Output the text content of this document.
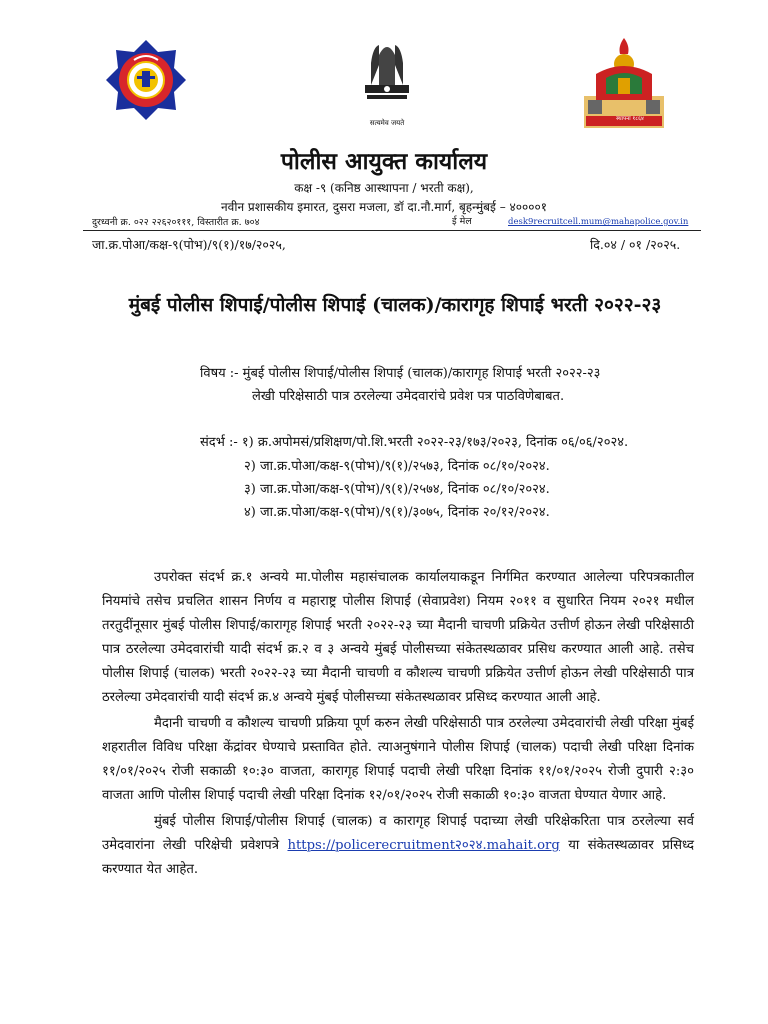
सत्यमेव जयते	स्थापना १८६४
पोलीस आयुक्त कार्यालय
कक्ष -९ (कनिष्ठ आस्थापना / भरती कक्ष),
नवीन प्रशासकीय इमारत, दुसरा मजला, डॉ दा.नौ.मार्ग, बृहन्मुंबई – ४००००१
दुरध्वनी क्र. ०२२ २२६२०१११, विस्तारीत क्र. ७०४	ई मेल	desk9recruitcell.mum@mahapolice.gov.in
जा.क्र.पोआ/कक्ष-९(पोभ)/९(१)/१७/२०२५,	दि.०४ / ०१ /२०२५.
मुंबई पोलीस शिपाई/पोलीस शिपाई (चालक)/कारागृह शिपाई भरती २०२२-२३
विषय :- मुंबई पोलीस शिपाई/पोलीस शिपाई (चालक)/कारागृह शिपाई भरती २०२२-२३
लेखी परिक्षेसाठी पात्र ठरलेल्या उमेदवारांचे प्रवेश पत्र पाठविणेबाबत.
संदर्भ :- १) क्र.अपोमसं/प्रशिक्षण/पो.शि.भरती २०२२-२३/१७३/२०२३, दिनांक ०६/०६/२०२४.
२) जा.क्र.पोआ/कक्ष-९(पोभ)/९(१)/२५७३, दिनांक ०८/१०/२०२४.
३) जा.क्र.पोआ/कक्ष-९(पोभ)/९(१)/२५७४, दिनांक ०८/१०/२०२४.
४) जा.क्र.पोआ/कक्ष-९(पोभ)/९(१)/३०७५, दिनांक २०/१२/२०२४.

उपरोक्त संदर्भ क्र.१ अन्वये मा.पोलीस महासंचालक कार्यालयाकडून निर्गमित करण्यात आलेल्या परिपत्रकातील नियमांचे तसेच प्रचलित शासन निर्णय व महाराष्ट्र पोलीस शिपाई (सेवाप्रवेश) नियम २०११ व सुधारित नियम २०२१ मधील तरतुदींनूसार मुंबई पोलीस शिपाई/कारागृह शिपाई भरती २०२२-२३ च्या मैदानी चाचणी प्रक्रियेत उत्तीर्ण होऊन लेखी परिक्षेसाठी पात्र ठरलेल्या उमेदवारांची यादी संदर्भ क्र.२ व ३ अन्वये मुंबई पोलीसच्या संकेतस्थळावर प्रसिध करण्यात आली आहे. तसेच पोलीस शिपाई (चालक) भरती २०२२-२३ च्या मैदानी चाचणी व कौशल्य चाचणी प्रक्रियेत उत्तीर्ण होऊन लेखी परिक्षेसाठी पात्र ठरलेल्या उमेदवारांची यादी संदर्भ क्र.४ अन्वये मुंबई पोलीसच्या संकेतस्थळावर प्रसिध्द करण्यात आली आहे.

मैदानी चाचणी व कौशल्य चाचणी प्रक्रिया पूर्ण करुन लेखी परिक्षेसाठी पात्र ठरलेल्या उमेदवारांची लेखी परिक्षा मुंबई शहरातील विविध परिक्षा केंद्रांवर घेण्याचे प्रस्तावित होते. त्याअनुषंगाने पोलीस शिपाई (चालक) पदाची लेखी परिक्षा दिनांक ११/०१/२०२५ रोजी सकाळी १०:३० वाजता, कारागृह शिपाई पदाची लेखी परिक्षा दिनांक ११/०१/२०२५ रोजी दुपारी २:३० वाजता आणि पोलीस शिपाई पदाची लेखी परिक्षा दिनांक १२/०१/२०२५ रोजी सकाळी १०:३० वाजता घेण्यात येणार आहे.

मुंबई पोलीस शिपाई/पोलीस शिपाई (चालक) व कारागृह शिपाई पदाच्या लेखी परिक्षेकरिता पात्र ठरलेल्या सर्व उमेदवारांना लेखी परिक्षेची प्रवेशपत्रे https://policerecruitment२०२४.mahait.org या संकेतस्थळावर प्रसिध्द करण्यात येत आहेत.
